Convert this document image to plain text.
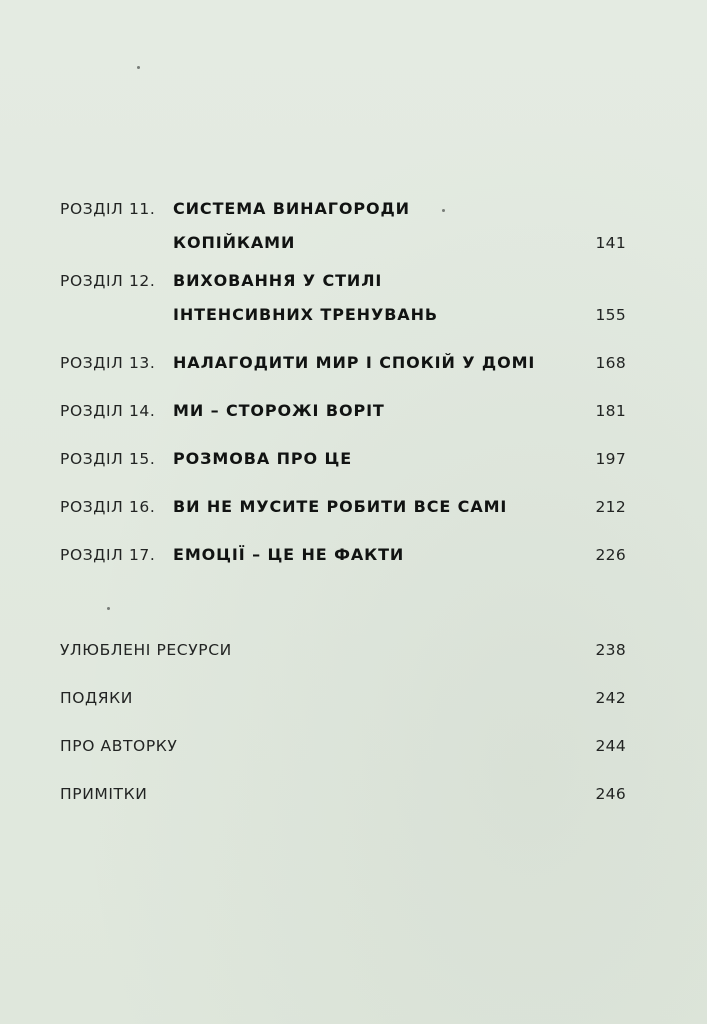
РОЗДІЛ 11.	СИСТЕМА ВИНАГОРОДИ
КОПІЙКАМИ	141
РОЗДІЛ 12.	ВИХОВАННЯ У СТИЛІ
ІНТЕНСИВНИХ ТРЕНУВАНЬ	155
РОЗДІЛ 13.	НАЛАГОДИТИ МИР І СПОКІЙ У ДОМІ	168
РОЗДІЛ 14.	МИ – СТОРОЖІ ВОРІТ	181
РОЗДІЛ 15.	РОЗМОВА ПРО ЦЕ	197
РОЗДІЛ 16.	ВИ НЕ МУСИТЕ РОБИТИ ВСЕ САМІ	212
РОЗДІЛ 17.	ЕМОЦІЇ – ЦЕ НЕ ФАКТИ	226
УЛЮБЛЕНІ РЕСУРСИ	238
ПОДЯКИ	242
ПРО АВТОРКУ	244
ПРИМІТКИ	246
